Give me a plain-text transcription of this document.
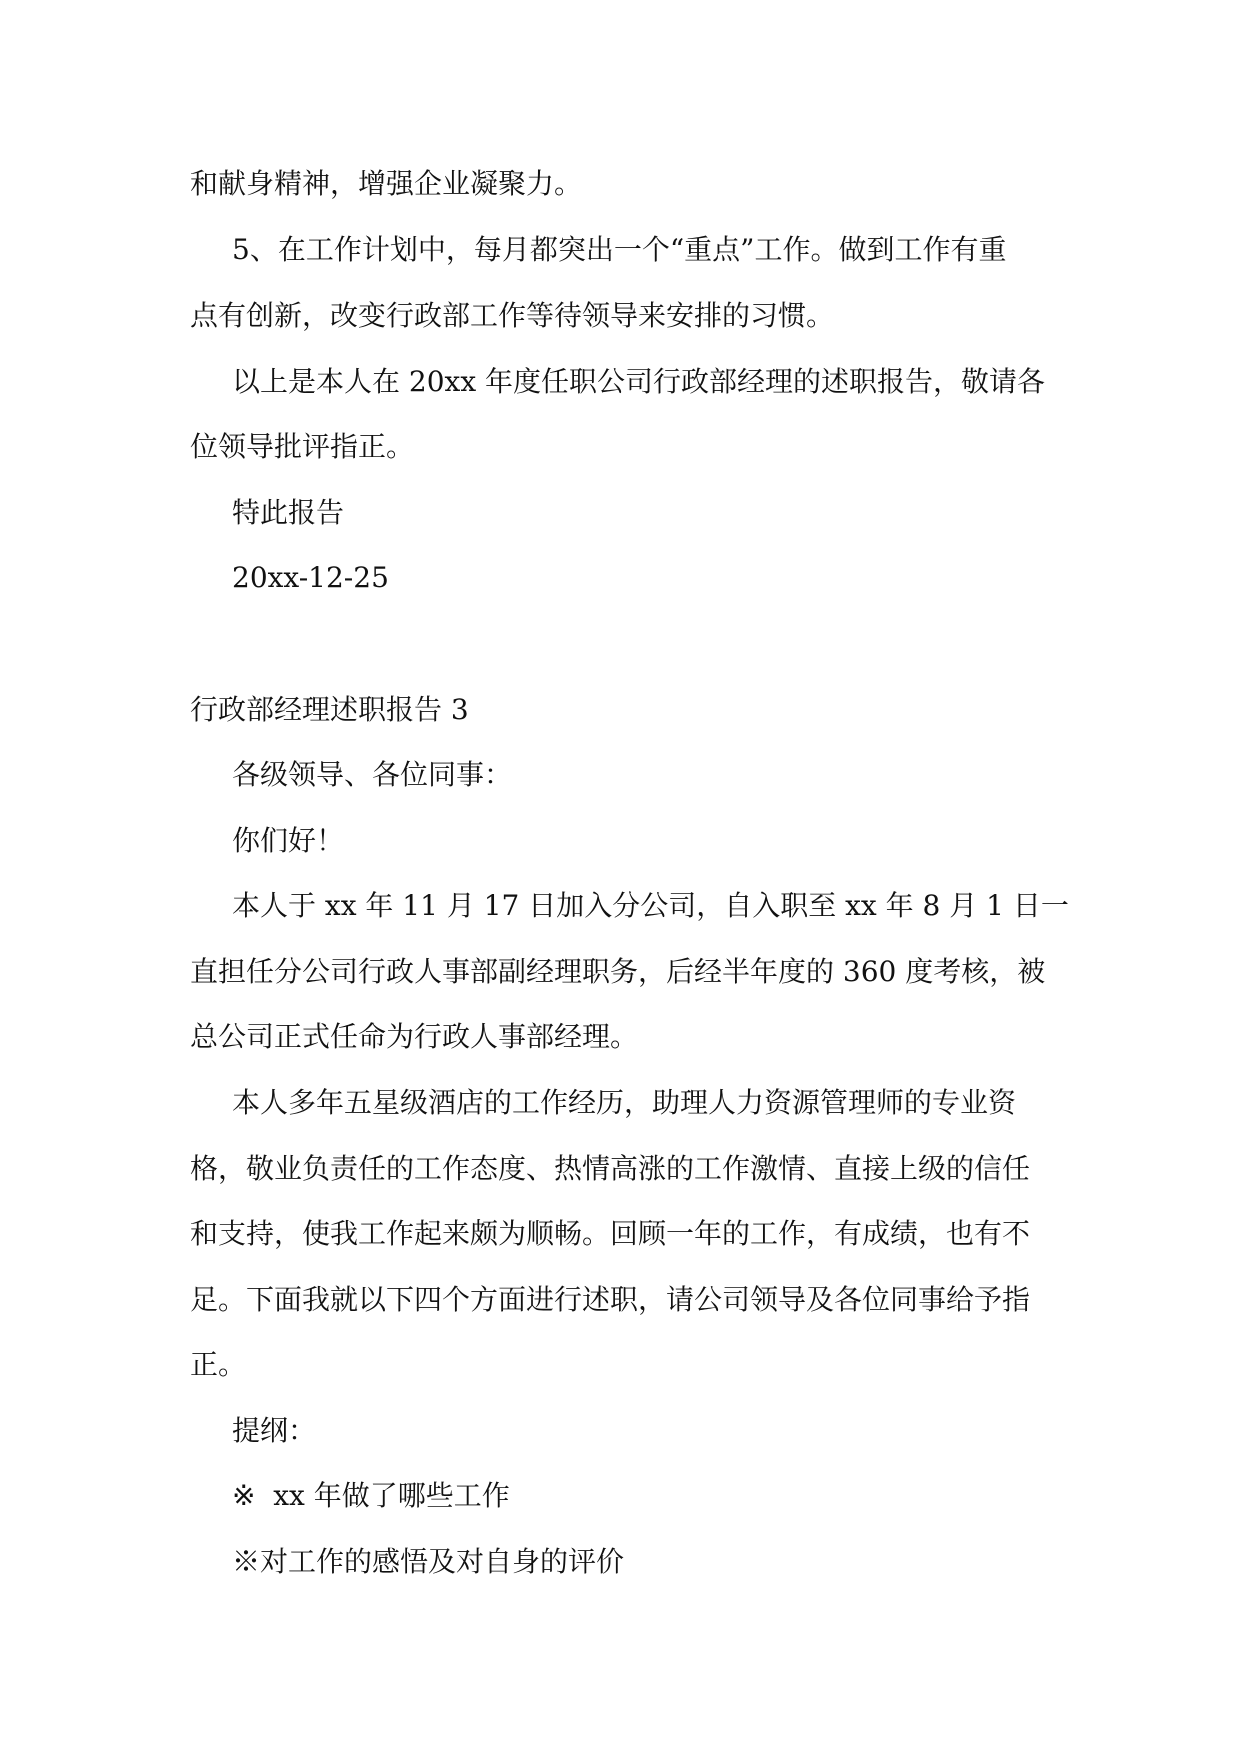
和献身精神，增强企业凝聚力。
5、在工作计划中，每月都突出一个“重点”工作。做到工作有重
点有创新，改变行政部工作等待领导来安排的习惯。
以上是本人在 20xx 年度任职公司行政部经理的述职报告，敬请各
位领导批评指正。
特此报告
20xx-12-25
行政部经理述职报告 3
各级领导、各位同事：
你们好！
本人于 xx 年 11 月 17 日加入分公司，自入职至 xx 年 8 月 1 日一
直担任分公司行政人事部副经理职务，后经半年度的 360 度考核，被
总公司正式任命为行政人事部经理。
本人多年五星级酒店的工作经历，助理人力资源管理师的专业资
格，敬业负责任的工作态度、热情高涨的工作激情、直接上级的信任
和支持，使我工作起来颇为顺畅。回顾一年的工作，有成绩，也有不
足。下面我就以下四个方面进行述职，请公司领导及各位同事给予指
正。
提纲：
※  xx 年做了哪些工作
※对工作的感悟及对自身的评价
